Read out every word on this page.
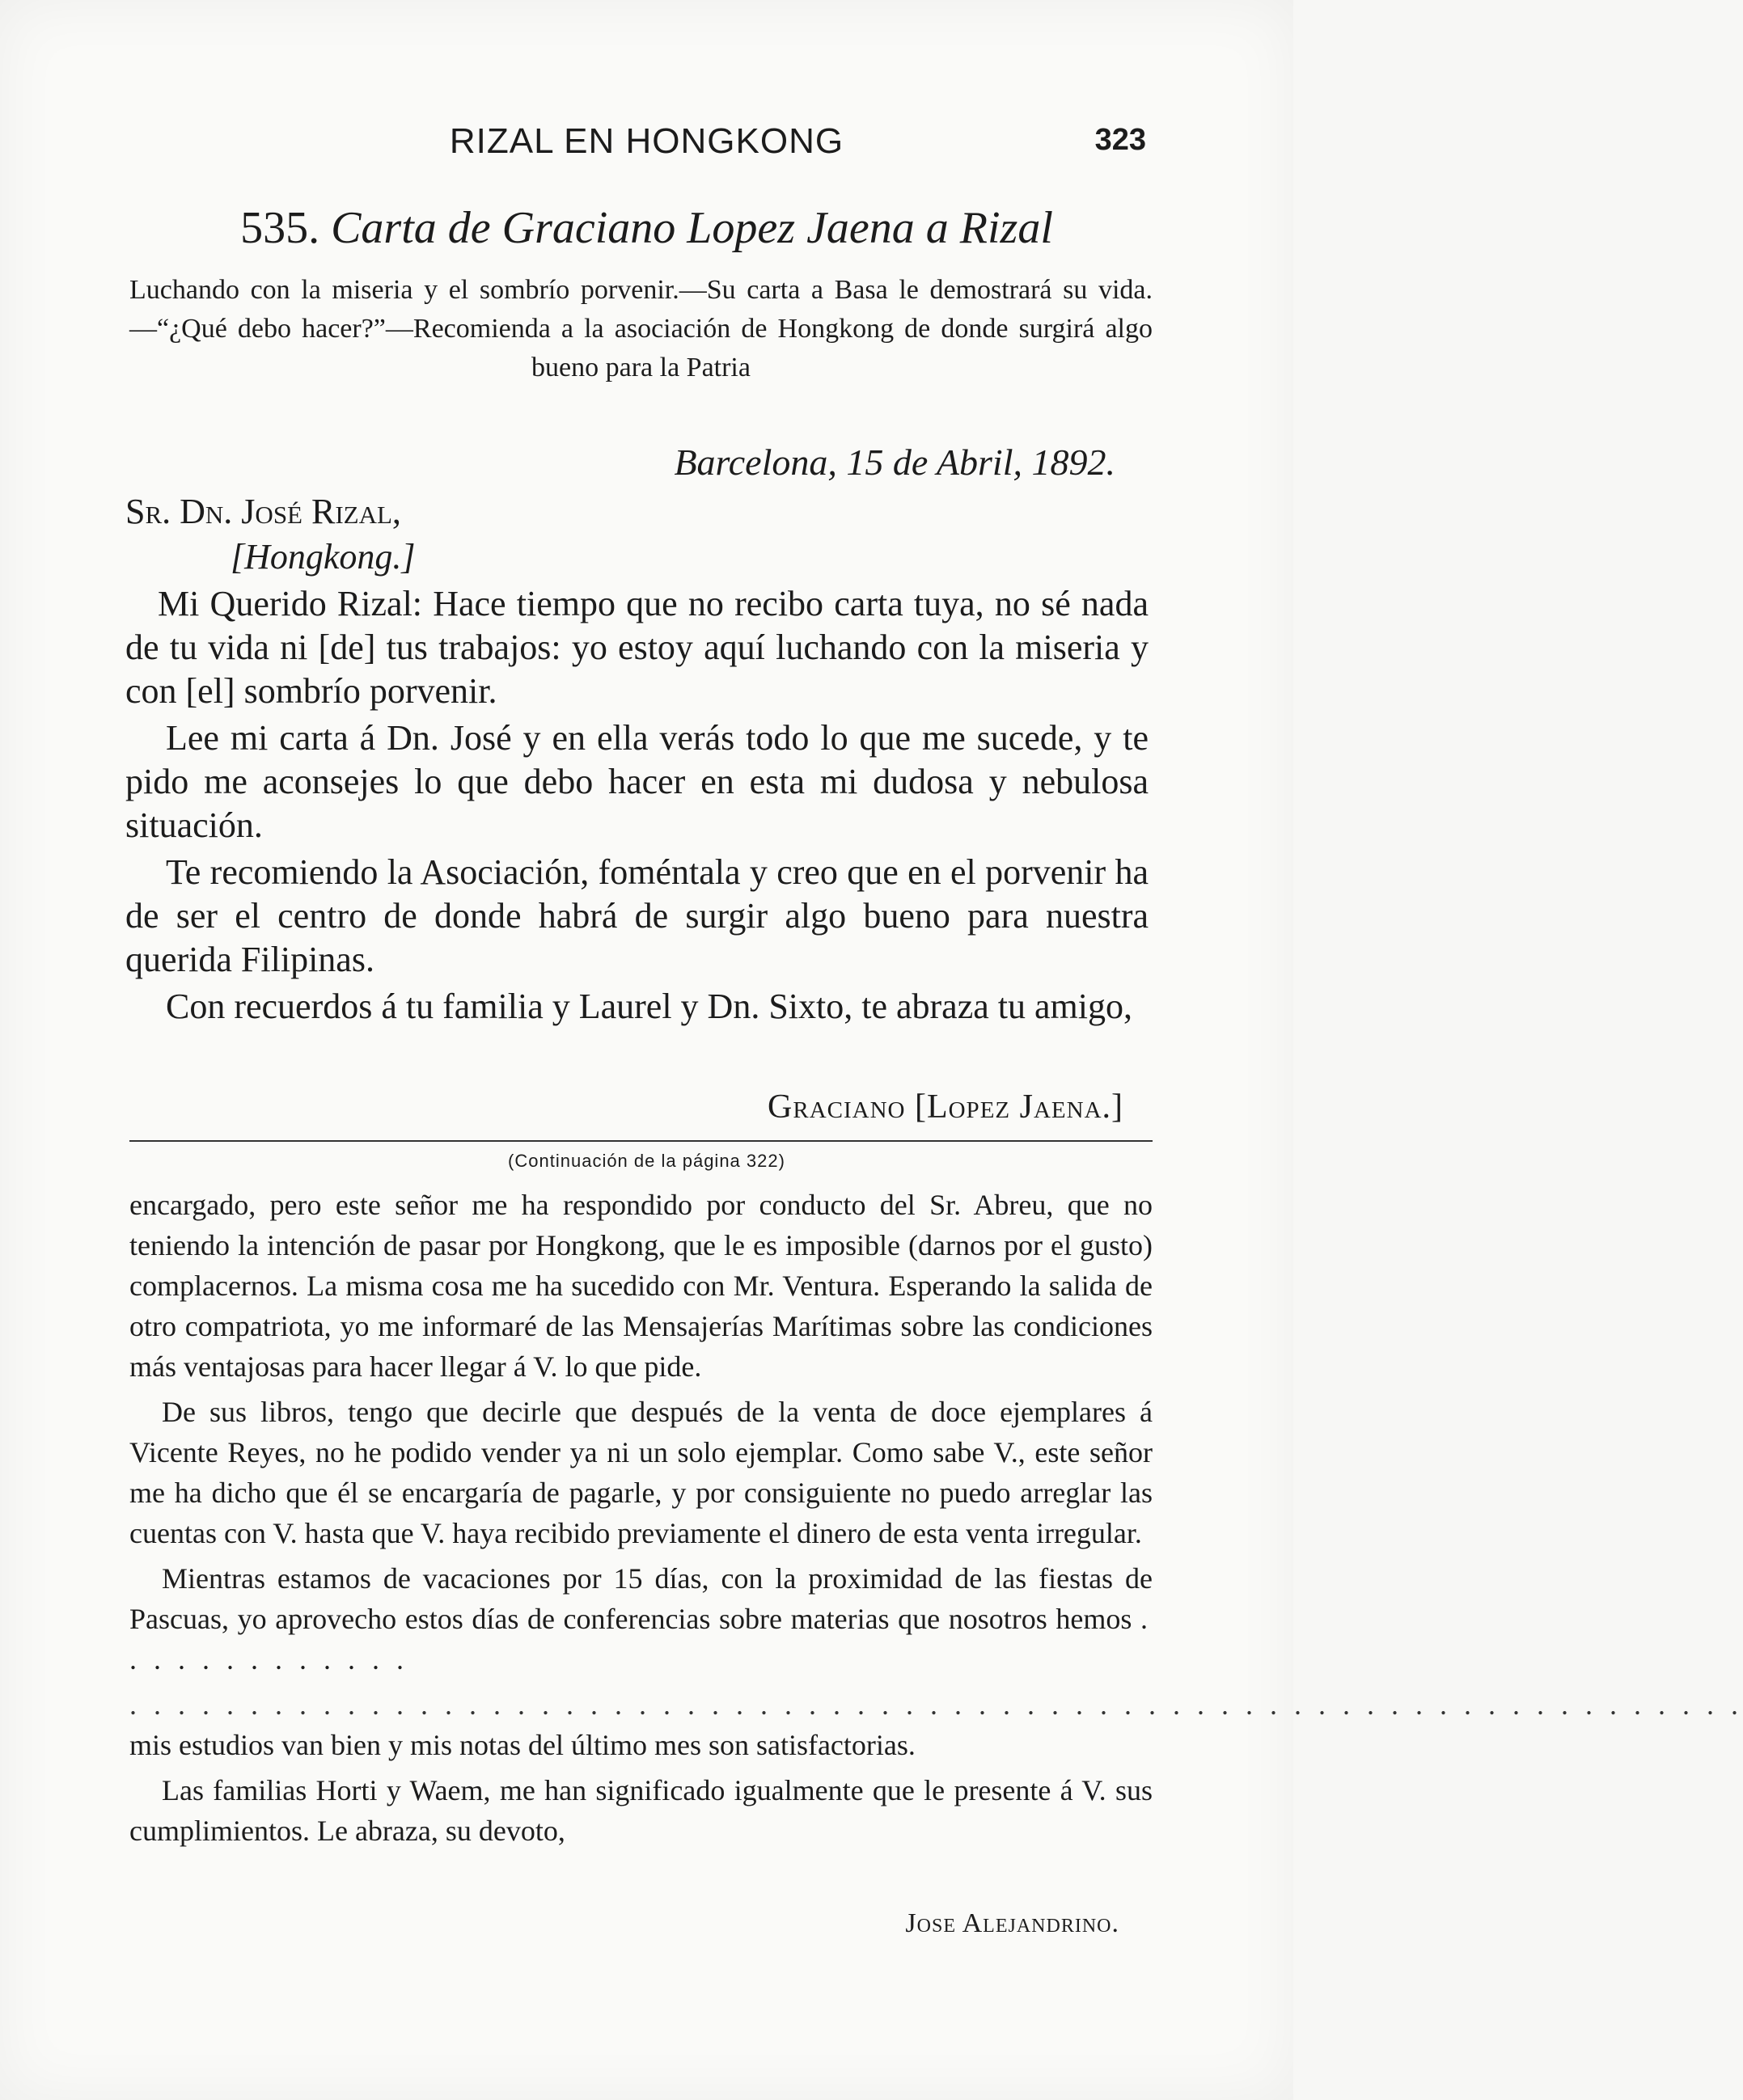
RIZAL EN HONGKONG	323
535. Carta de Graciano Lopez Jaena a Rizal
Luchando con la miseria y el sombrío porvenir.—Su carta a Basa le demostrará su vida.—“¿Qué debo hacer?”—Recomienda a la asociación de Hongkong de donde surgirá algo bueno para la Patria
Barcelona, 15 de Abril, 1892.
Sr. Dn. José Rizal,
[Hongkong.]

Mi Querido Rizal: Hace tiempo que no recibo carta tuya, no sé nada de tu vida ni [de] tus trabajos: yo estoy aquí luchando con la miseria y con [el] sombrío porvenir.

Lee mi carta á Dn. José y en ella verás todo lo que me sucede, y te pido me aconsejes lo que debo hacer en esta mi dudosa y nebulosa situación.

Te recomiendo la Asociación, foméntala y creo que en el porvenir ha de ser el centro de donde habrá de surgir algo bueno para nuestra querida Filipinas.

Con recuerdos á tu familia y Laurel y Dn. Sixto, te abraza tu amigo,

Graciano [Lopez Jaena.]
(Continuación de la página 322)

encargado, pero este señor me ha respondido por conducto del Sr. Abreu, que no teniendo la intención de pasar por Hongkong, que le es imposible (darnos por el gusto) complacernos. La misma cosa me ha sucedido con Mr. Ventura. Esperando la salida de otro compatriota, yo me informaré de las Mensajerías Marítimas sobre las condiciones más ventajosas para hacer llegar á V. lo que pide.

De sus libros, tengo que decirle que después de la venta de doce ejemplares á Vicente Reyes, no he podido vender ya ni un solo ejemplar. Como sabe V., este señor me ha dicho que él se encargaría de pagarle, y por consiguiente no puedo arreglar las cuentas con V. hasta que V. haya recibido previamente el dinero de esta venta irregular.

Mientras estamos de vacaciones por 15 días, con la proximidad de las fiestas de Pascuas, yo aprovecho estos días de conferencias sobre materias que nosotros hemos . . . . . . . . . . . . .

. . . . . . . . . . . . . . . . . . . . . . . . . . . . . . . . . . . . . . . . . . . . . . . . . . . . . . . . . . . . . . . . . . .

mis estudios van bien y mis notas del último mes son satisfactorias.

Las familias Horti y Waem, me han significado igualmente que le presente á V. sus cumplimientos. Le abraza, su devoto,

Jose Alejandrino.
